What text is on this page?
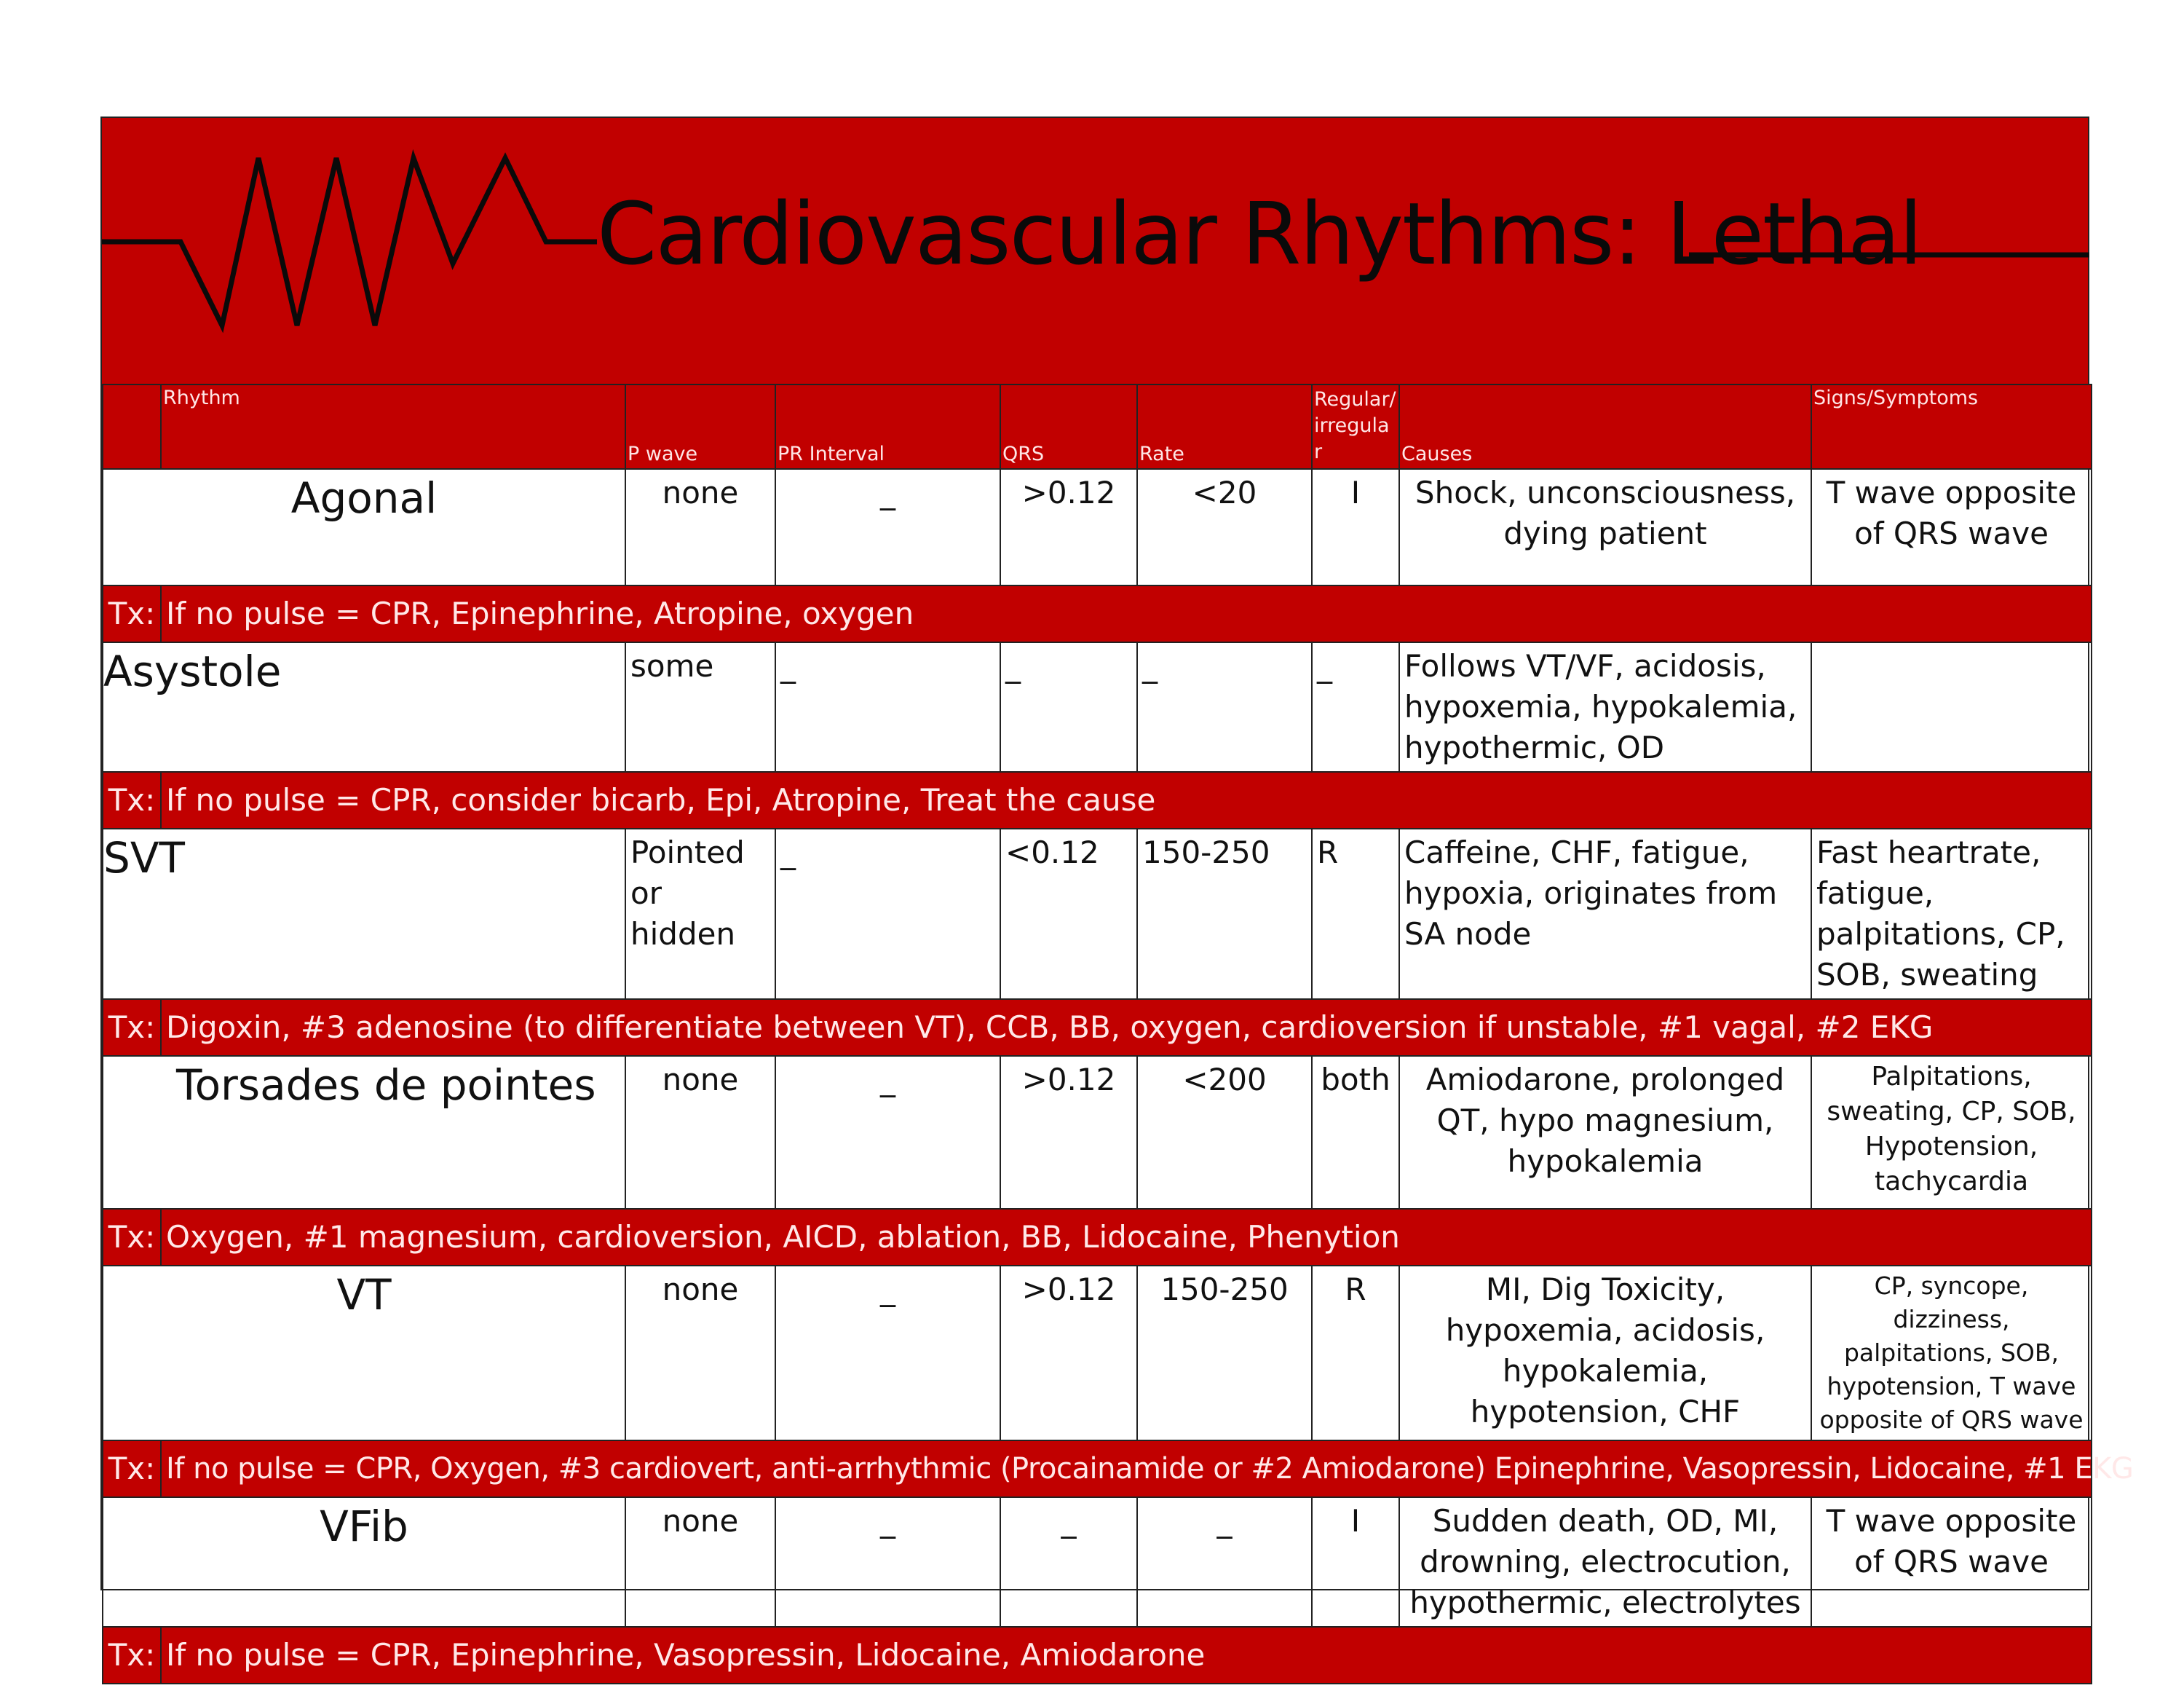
Cardiovascular Rhythms: Lethal
	Rhythm	P wave	PR Interval	QRS	Rate	Regular/irregular	Causes	Signs/Symptoms
Agonal		none	_	>0.12	<20	I	Shock, unconsciousness, dying patient	T wave opposite of QRS wave
Tx:	If no pulse = CPR, Epinephrine, Atropine, oxygen							
Asystole		some	_	_	_	_	Follows VT/VF, acidosis, hypoxemia, hypokalemia, hypothermic, OD	
Tx:	If no pulse = CPR, consider bicarb, Epi, Atropine, Treat the cause							
SVT		Pointed or hidden	_	<0.12	150-250	R	Caffeine, CHF, fatigue, hypoxia, originates from SA node	Fast heartrate, fatigue, palpitations, CP, SOB, sweating
Tx:	Digoxin, #3 adenosine (to differentiate between VT), CCB, BB, oxygen, cardioversion if unstable, #1 vagal, #2 EKG							
Torsades de pointes		none	_	>0.12	<200	both	Amiodarone, prolonged QT, hypo magnesium, hypokalemia	Palpitations, sweating, CP, SOB, Hypotension, tachycardia
Tx:	Oxygen, #1 magnesium, cardioversion, AICD, ablation, BB, Lidocaine, Phenytion							
VT		none	_	>0.12	150-250	R	MI, Dig Toxicity, hypoxemia, acidosis, hypokalemia, hypotension, CHF	CP, syncope, dizziness, palpitations, SOB, hypotension, T wave opposite of QRS wave
Tx:	If no pulse = CPR, Oxygen, #3 cardiovert, anti-arrhythmic (Procainamide or #2 Amiodarone) Epinephrine, Vasopressin, Lidocaine, #1 EKG							
VFib		none	_	_	_	I	Sudden death, OD, MI, drowning, electrocution, hypothermic, electrolytes	T wave opposite of QRS wave
Tx:	If no pulse = CPR, Epinephrine, Vasopressin, Lidocaine, Amiodarone							
